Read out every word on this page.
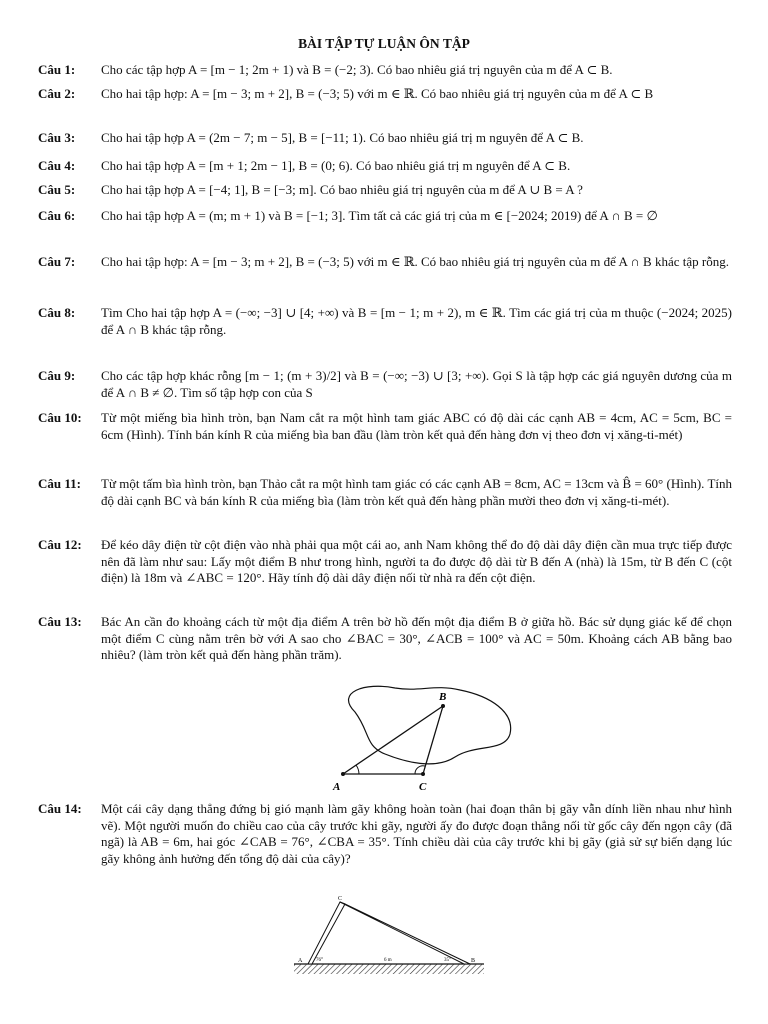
BÀI TẬP TỰ LUẬN ÔN TẬP
Câu 1: Cho các tập hợp A = [m − 1; 2m + 1) và B = (−2; 3). Có bao nhiêu giá trị nguyên của m để A ⊂ B.
Câu 2: Cho hai tập hợp: A = [m − 3; m + 2], B = (−3; 5) với m ∈ ℝ. Có bao nhiêu giá trị nguyên của m để A ⊂ B
Câu 3: Cho hai tập hợp A = (2m − 7; m − 5], B = [−11; 1). Có bao nhiêu giá trị m nguyên để A ⊂ B.
Câu 4: Cho hai tập hợp A = [m + 1; 2m − 1], B = (0; 6). Có bao nhiêu giá trị m nguyên để A ⊂ B.
Câu 5: Cho hai tập hợp A = [−4; 1], B = [−3; m]. Có bao nhiêu giá trị nguyên của m để A ∪ B = A ?
Câu 6: Cho hai tập hợp A = (m; m + 1) và B = [−1; 3]. Tìm tất cả các giá trị của m ∈ [−2024; 2019) để A ∩ B = ∅
Câu 7: Cho hai tập hợp: A = [m − 3; m + 2], B = (−3; 5) với m ∈ ℝ. Có bao nhiêu giá trị nguyên của m để A ∩ B khác tập rỗng.
Câu 8: Tìm Cho hai tập hợp A = (−∞; −3] ∪ [4; +∞) và B = [m − 1; m + 2), m ∈ ℝ. Tìm các giá trị của m thuộc (−2024; 2025) để A ∩ B khác tập rỗng.
Câu 9: Cho các tập hợp khác rỗng [m − 1; (m + 3)/2] và B = (−∞; −3) ∪ [3; +∞). Gọi S là tập hợp các giá nguyên dương của m để A ∩ B ≠ ∅. Tìm số tập hợp con của S
Câu 10: Từ một miếng bìa hình tròn, bạn Nam cắt ra một hình tam giác ABC có độ dài các cạnh AB = 4cm, AC = 5cm, BC = 6cm (Hình). Tính bán kính R của miếng bìa ban đầu (làm tròn kết quả đến hàng đơn vị theo đơn vị xăng-ti-mét)
Câu 11: Từ một tấm bìa hình tròn, bạn Thảo cắt ra một hình tam giác có các cạnh AB = 8cm, AC = 13cm và B̂ = 60° (Hình). Tính độ dài cạnh BC và bán kính R của miếng bìa (làm tròn kết quả đến hàng phần mười theo đơn vị xăng-ti-mét).
Câu 12: Để kéo dây điện từ cột điện vào nhà phải qua một cái ao, anh Nam không thể đo độ dài dây điện cần mua trực tiếp được nên đã làm như sau: Lấy một điểm B như trong hình, người ta đo được độ dài từ B đến A (nhà) là 15m, từ B đến C (cột điện) là 18m và ∠ABC = 120°. Hãy tính độ dài dây điện nối từ nhà ra đến cột điện.
Câu 13: Bác An cần đo khoảng cách từ một địa điểm A trên bờ hồ đến một địa điểm B ở giữa hồ. Bác sử dụng giác kế để chọn một điểm C cùng nằm trên bờ với A sao cho ∠BAC = 30°, ∠ACB = 100° và AC = 50m. Khoảng cách AB bằng bao nhiêu? (làm tròn kết quả đến hàng phần trăm).
A	C
B
Câu 14: Một cái cây dạng thẳng đứng bị gió mạnh làm gãy không hoàn toàn (hai đoạn thân bị gãy vẫn dính liền nhau như hình vẽ). Một người muốn đo chiều cao của cây trước khi gãy, người ấy đo được đoạn thẳng nối từ gốc cây đến ngọn cây (đã ngã) là AB = 6m, hai góc ∠CAB = 76°, ∠CBA = 35°. Tính chiều dài của cây trước khi bị gãy (giả sử sự biến dạng lúc gãy không ảnh hưởng đến tổng độ dài của cây)?
A	B
C
6 m
76°	35°
